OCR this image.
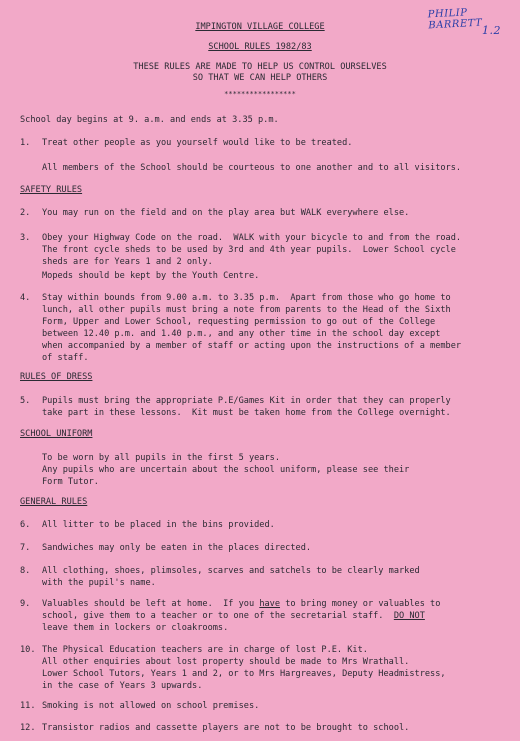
PHILIP BARRETT 1.2
IMPINGTON VILLAGE COLLEGE
SCHOOL RULES 1982/83
THESE RULES ARE MADE TO HELP US CONTROL OURSELVES
SO THAT WE CAN HELP OTHERS
*****************
School day begins at 9. a.m. and ends at 3.35 p.m.
1. Treat other people as you yourself would like to be treated.
All members of the School should be courteous to one another and to all visitors.
SAFETY RULES
2. You may run on the field and on the play area but WALK everywhere else.
3. Obey your Highway Code on the road.  WALK with your bicycle to and from the road.
The front cycle sheds to be used by 3rd and 4th year pupils.  Lower School cycle
sheds are for Years 1 and 2 only.
Mopeds should be kept by the Youth Centre.
4. Stay within bounds from 9.00 a.m. to 3.35 p.m.  Apart from those who go home to
lunch, all other pupils must bring a note from parents to the Head of the Sixth
Form, Upper and Lower School, requesting permission to go out of the College
between 12.40 p.m. and 1.40 p.m., and any other time in the school day except
when accompanied by a member of staff or acting upon the instructions of a member
of staff.
RULES OF DRESS
5. Pupils must bring the appropriate P.E/Games Kit in order that they can properly
take part in these lessons.  Kit must be taken home from the College overnight.
SCHOOL UNIFORM
To be worn by all pupils in the first 5 years.
Any pupils who are uncertain about the school uniform, please see their
Form Tutor.
GENERAL RULES
6. All litter to be placed in the bins provided.
7. Sandwiches may only be eaten in the places directed.
8. All clothing, shoes, plimsoles, scarves and satchels to be clearly marked
with the pupil's name.
9. Valuables should be left at home.  If you have to bring money or valuables to
school, give them to a teacher or to one of the secretarial staff.  DO NOT
leave them in lockers or cloakrooms.
10. The Physical Education teachers are in charge of lost P.E. Kit.
All other enquiries about lost property should be made to Mrs Wrathall.
Lower School Tutors, Years 1 and 2, or to Mrs Hargreaves, Deputy Headmistress,
in the case of Years 3 upwards.
11. Smoking is not allowed on school premises.
12. Transistor radios and cassette players are not to be brought to school.
